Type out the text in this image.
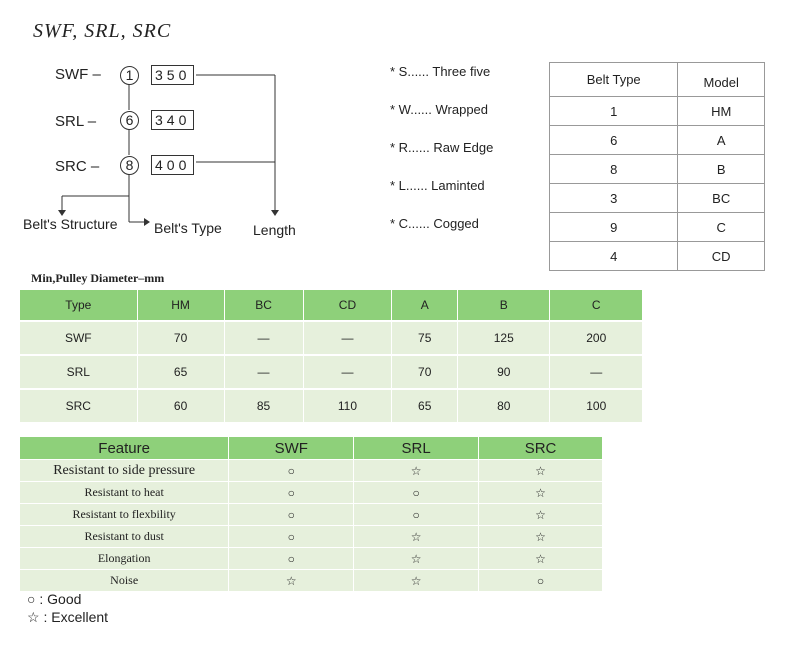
SWF, SRL, SRC
SWF –	1	350
SRL –	6	340
SRC –	8	400
Belt's Structure	Belt's Type Length
* S...... Three five
* W...... Wrapped
* R...... Raw Edge
* L...... Laminted
* C...... Cogged
Belt Type	Model
1	HM
6	A
8	B
3	BC
9	C
4	CD
Min,Pulley Diameter–mm
Type	HM	BC	CD	A	B	C
SWF	70	—	—	75	125	200
SRL	65	—	—	70	90	—
SRC	60	85	110	65	80	100
Feature	SWF	SRL	SRC
Resistant to side pressure	○	☆	☆
Resistant to heat	○	○	☆
Resistant to flexbility	○	○	☆
Resistant to dust	○	☆	☆
Elongation	○	☆	☆
Noise	☆	☆	○
○ : Good
☆ : Excellent
